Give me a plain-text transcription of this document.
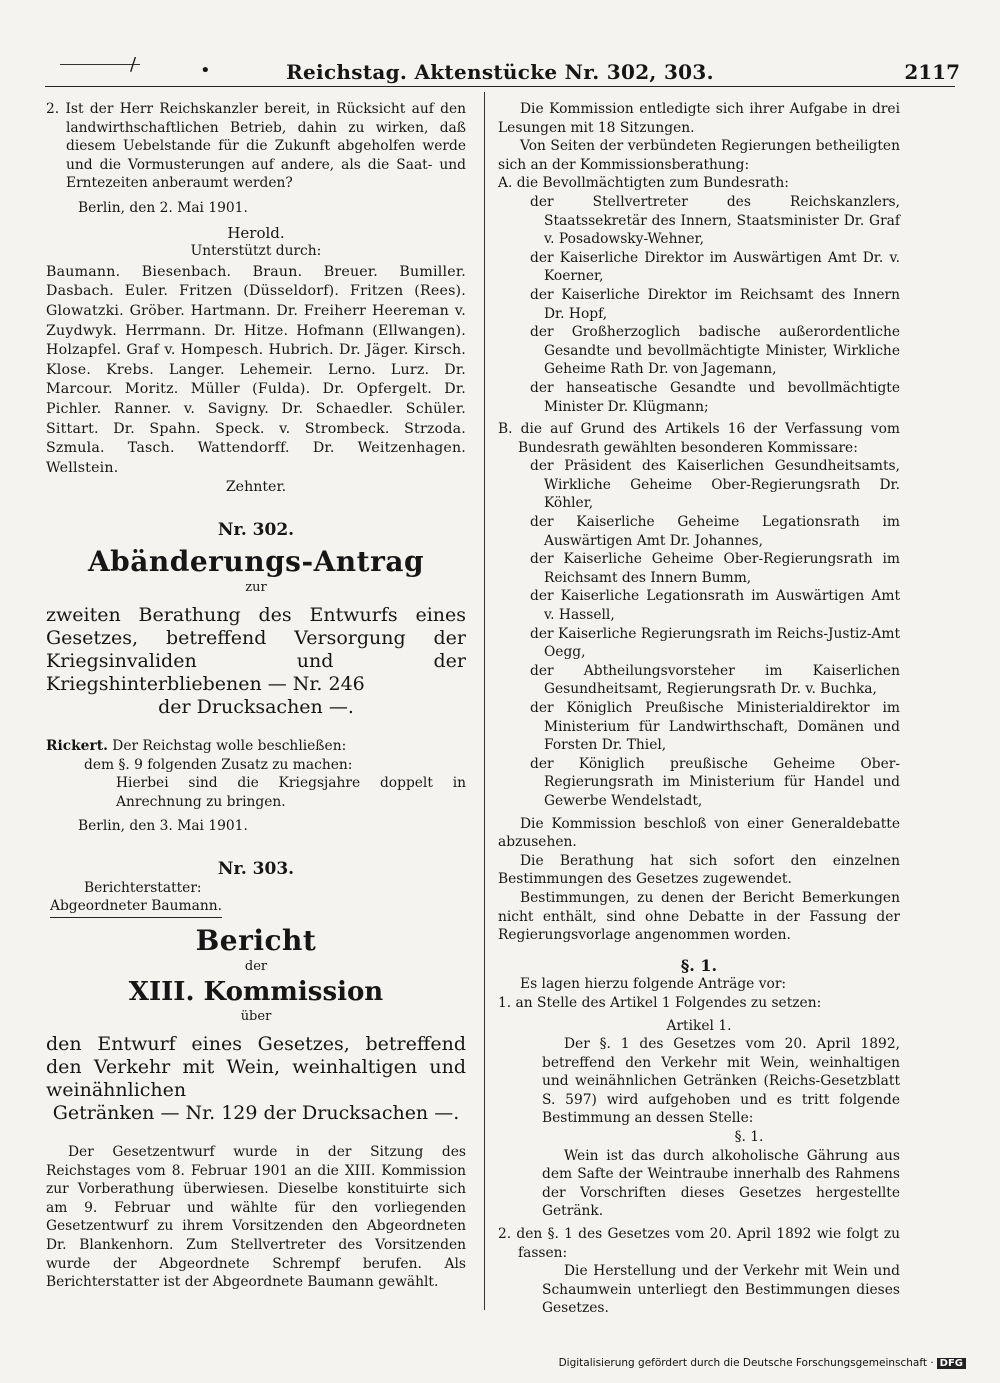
/	•	Reichstag. Aktenstücke Nr. 302, 303.	2117

2. Ist der Herr Reichskanzler bereit, in Rücksicht auf den landwirthschaftlichen Betrieb, dahin zu wirken, daß diesem Uebelstande für die Zukunft abgeholfen werde und die Vormusterungen auf andere, als die Saat- und Erntezeiten anberaumt werden?

Berlin, den 2. Mai 1901.

Herold.

Unterstützt durch:

Baumann. Biesenbach. Braun. Breuer. Bumiller. Dasbach. Euler. Fritzen (Düsseldorf). Fritzen (Rees). Glowatzki. Gröber. Hartmann. Dr. Freiherr Heereman v. Zuydwyk. Herrmann. Dr. Hitze. Hofmann (Ellwangen). Holzapfel. Graf v. Hompesch. Hubrich. Dr. Jäger. Kirsch. Klose. Krebs. Langer. Lehemeir. Lerno. Lurz. Dr. Marcour. Moritz. Müller (Fulda). Dr. Opfergelt. Dr. Pichler. Ranner. v. Savigny. Dr. Schaedler. Schüler. Sittart. Dr. Spahn. Speck. v. Strombeck. Strzoda. Szmula. Tasch. Wattendorff. Dr. Weitzenhagen. Wellstein.

Zehnter.

Nr. 302.

Abänderungs-Antrag

zur

zweiten Berathung des Entwurfs eines Gesetzes, betreffend Versorgung der Kriegsinvaliden und der Kriegshinterbliebenen — Nr. 246

der Drucksachen —.

Rickert. Der Reichstag wolle beschließen:

dem §. 9 folgenden Zusatz zu machen:

Hierbei sind die Kriegsjahre doppelt in Anrechnung zu bringen.

Berlin, den 3. Mai 1901.

Nr. 303.

Berichterstatter:

Abgeordneter Baumann.

Bericht

der

XIII. Kommission

über

den Entwurf eines Gesetzes, betreffend den Verkehr mit Wein, weinhaltigen und weinähnlichen

Getränken — Nr. 129 der Drucksachen —.

Der Gesetzentwurf wurde in der Sitzung des Reichstages vom 8. Februar 1901 an die XIII. Kommission zur Vorberathung überwiesen. Dieselbe konstituirte sich am 9. Februar und wählte für den vorliegenden Gesetzentwurf zu ihrem Vorsitzenden den Abgeordneten Dr. Blankenhorn. Zum Stellvertreter des Vorsitzenden wurde der Abgeordnete Schrempf berufen. Als Berichterstatter ist der Abgeordnete Baumann gewählt.

Die Kommission entledigte sich ihrer Aufgabe in drei Lesungen mit 18 Sitzungen.

Von Seiten der verbündeten Regierungen betheiligten sich an der Kommissionsberathung:

A. die Bevollmächtigten zum Bundesrath:

der Stellvertreter des Reichskanzlers, Staatssekretär des Innern, Staatsminister Dr. Graf v. Posadowsky-Wehner,

der Kaiserliche Direktor im Auswärtigen Amt Dr. v. Koerner,

der Kaiserliche Direktor im Reichsamt des Innern Dr. Hopf,

der Großherzoglich badische außerordentliche Gesandte und bevollmächtigte Minister, Wirkliche Geheime Rath Dr. von Jagemann,

der hanseatische Gesandte und bevollmächtigte Minister Dr. Klügmann;

B. die auf Grund des Artikels 16 der Verfassung vom Bundesrath gewählten besonderen Kommissare:

der Präsident des Kaiserlichen Gesundheitsamts, Wirkliche Geheime Ober-Regierungsrath Dr. Köhler,

der Kaiserliche Geheime Legationsrath im Auswärtigen Amt Dr. Johannes,

der Kaiserliche Geheime Ober-Regierungsrath im Reichsamt des Innern Bumm,

der Kaiserliche Legationsrath im Auswärtigen Amt v. Hassell,

der Kaiserliche Regierungsrath im Reichs-Justiz-Amt Oegg,

der Abtheilungsvorsteher im Kaiserlichen Gesundheitsamt, Regierungsrath Dr. v. Buchka,

der Königlich Preußische Ministerialdirektor im Ministerium für Landwirthschaft, Domänen und Forsten Dr. Thiel,

der Königlich preußische Geheime Ober-Regierungsrath im Ministerium für Handel und Gewerbe Wendelstadt,

Die Kommission beschloß von einer Generaldebatte abzusehen.

Die Berathung hat sich sofort den einzelnen Bestimmungen des Gesetzes zugewendet.

Bestimmungen, zu denen der Bericht Bemerkungen nicht enthält, sind ohne Debatte in der Fassung der Regierungsvorlage angenommen worden.

§. 1.

Es lagen hierzu folgende Anträge vor:

1. an Stelle des Artikel 1 Folgendes zu setzen:

Artikel 1.

Der §. 1 des Gesetzes vom 20. April 1892, betreffend den Verkehr mit Wein, weinhaltigen und weinähnlichen Getränken (Reichs-Gesetzblatt S. 597) wird aufgehoben und es tritt folgende Bestimmung an dessen Stelle:

§. 1.

Wein ist das durch alkoholische Gährung aus dem Safte der Weintraube innerhalb des Rahmens der Vorschriften dieses Gesetzes hergestellte Getränk.

2. den §. 1 des Gesetzes vom 20. April 1892 wie folgt zu fassen:

Die Herstellung und der Verkehr mit Wein und Schaumwein unterliegt den Bestimmungen dieses Gesetzes.

Digitalisierung gefördert durch die Deutsche Forschungsgemeinschaft · DFG
